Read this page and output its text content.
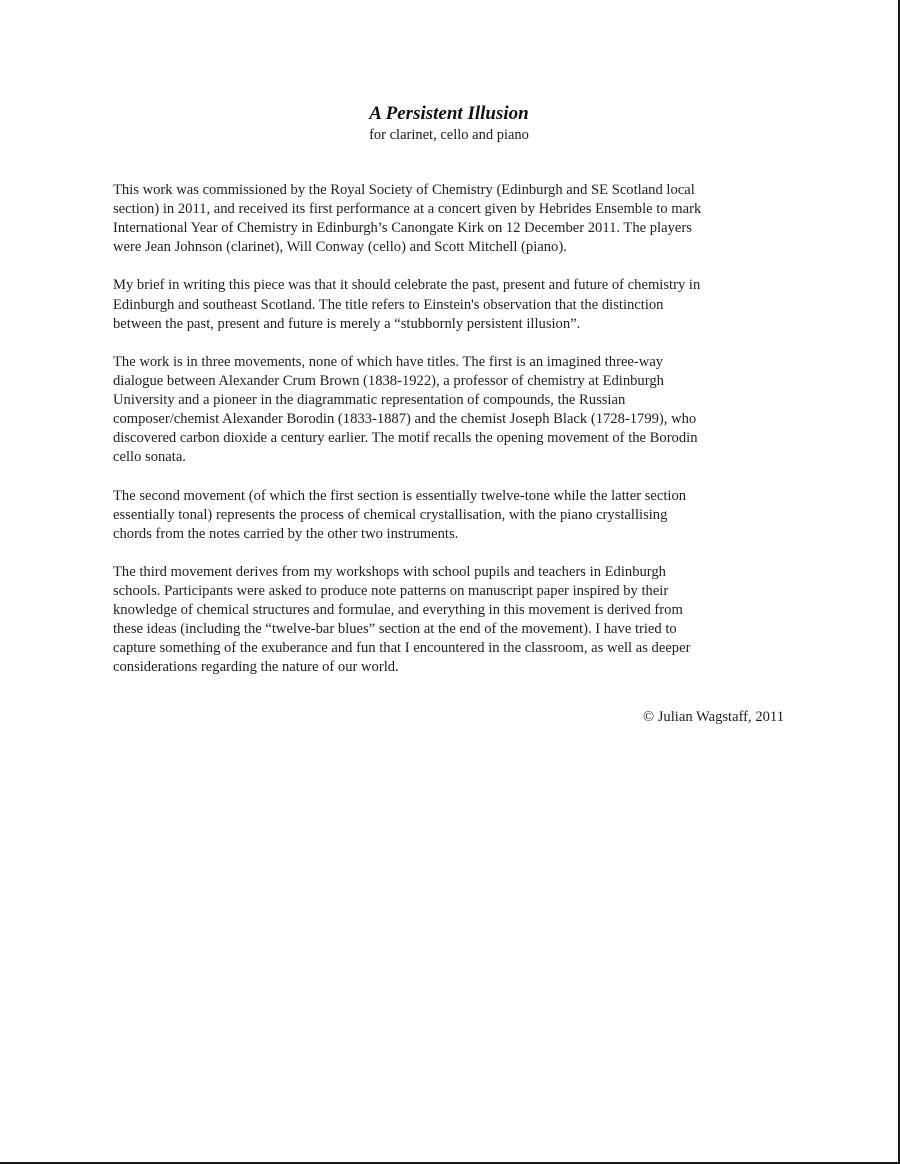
A Persistent Illusion
for clarinet, cello and piano

This work was commissioned by the Royal Society of Chemistry (Edinburgh and SE Scotland local
section) in 2011, and received its first performance at a concert given by Hebrides Ensemble to mark
International Year of Chemistry in Edinburgh’s Canongate Kirk on 12 December 2011. The players
were Jean Johnson (clarinet), Will Conway (cello) and Scott Mitchell (piano).

My brief in writing this piece was that it should celebrate the past, present and future of chemistry in
Edinburgh and southeast Scotland. The title refers to Einstein's observation that the distinction
between the past, present and future is merely a “stubbornly persistent illusion”.

The work is in three movements, none of which have titles. The first is an imagined three-way
dialogue between Alexander Crum Brown (1838-1922), a professor of chemistry at Edinburgh
University and a pioneer in the diagrammatic representation of compounds, the Russian
composer/chemist Alexander Borodin (1833-1887) and the chemist Joseph Black (1728-1799), who
discovered carbon dioxide a century earlier. The motif recalls the opening movement of the Borodin
cello sonata.

The second movement (of which the first section is essentially twelve-tone while the latter section
essentially tonal) represents the process of chemical crystallisation, with the piano crystallising
chords from the notes carried by the other two instruments.

The third movement derives from my workshops with school pupils and teachers in Edinburgh
schools. Participants were asked to produce note patterns on manuscript paper inspired by their
knowledge of chemical structures and formulae, and everything in this movement is derived from
these ideas (including the “twelve-bar blues” section at the end of the movement). I have tried to
capture something of the exuberance and fun that I encountered in the classroom, as well as deeper
considerations regarding the nature of our world.

© Julian Wagstaff, 2011
